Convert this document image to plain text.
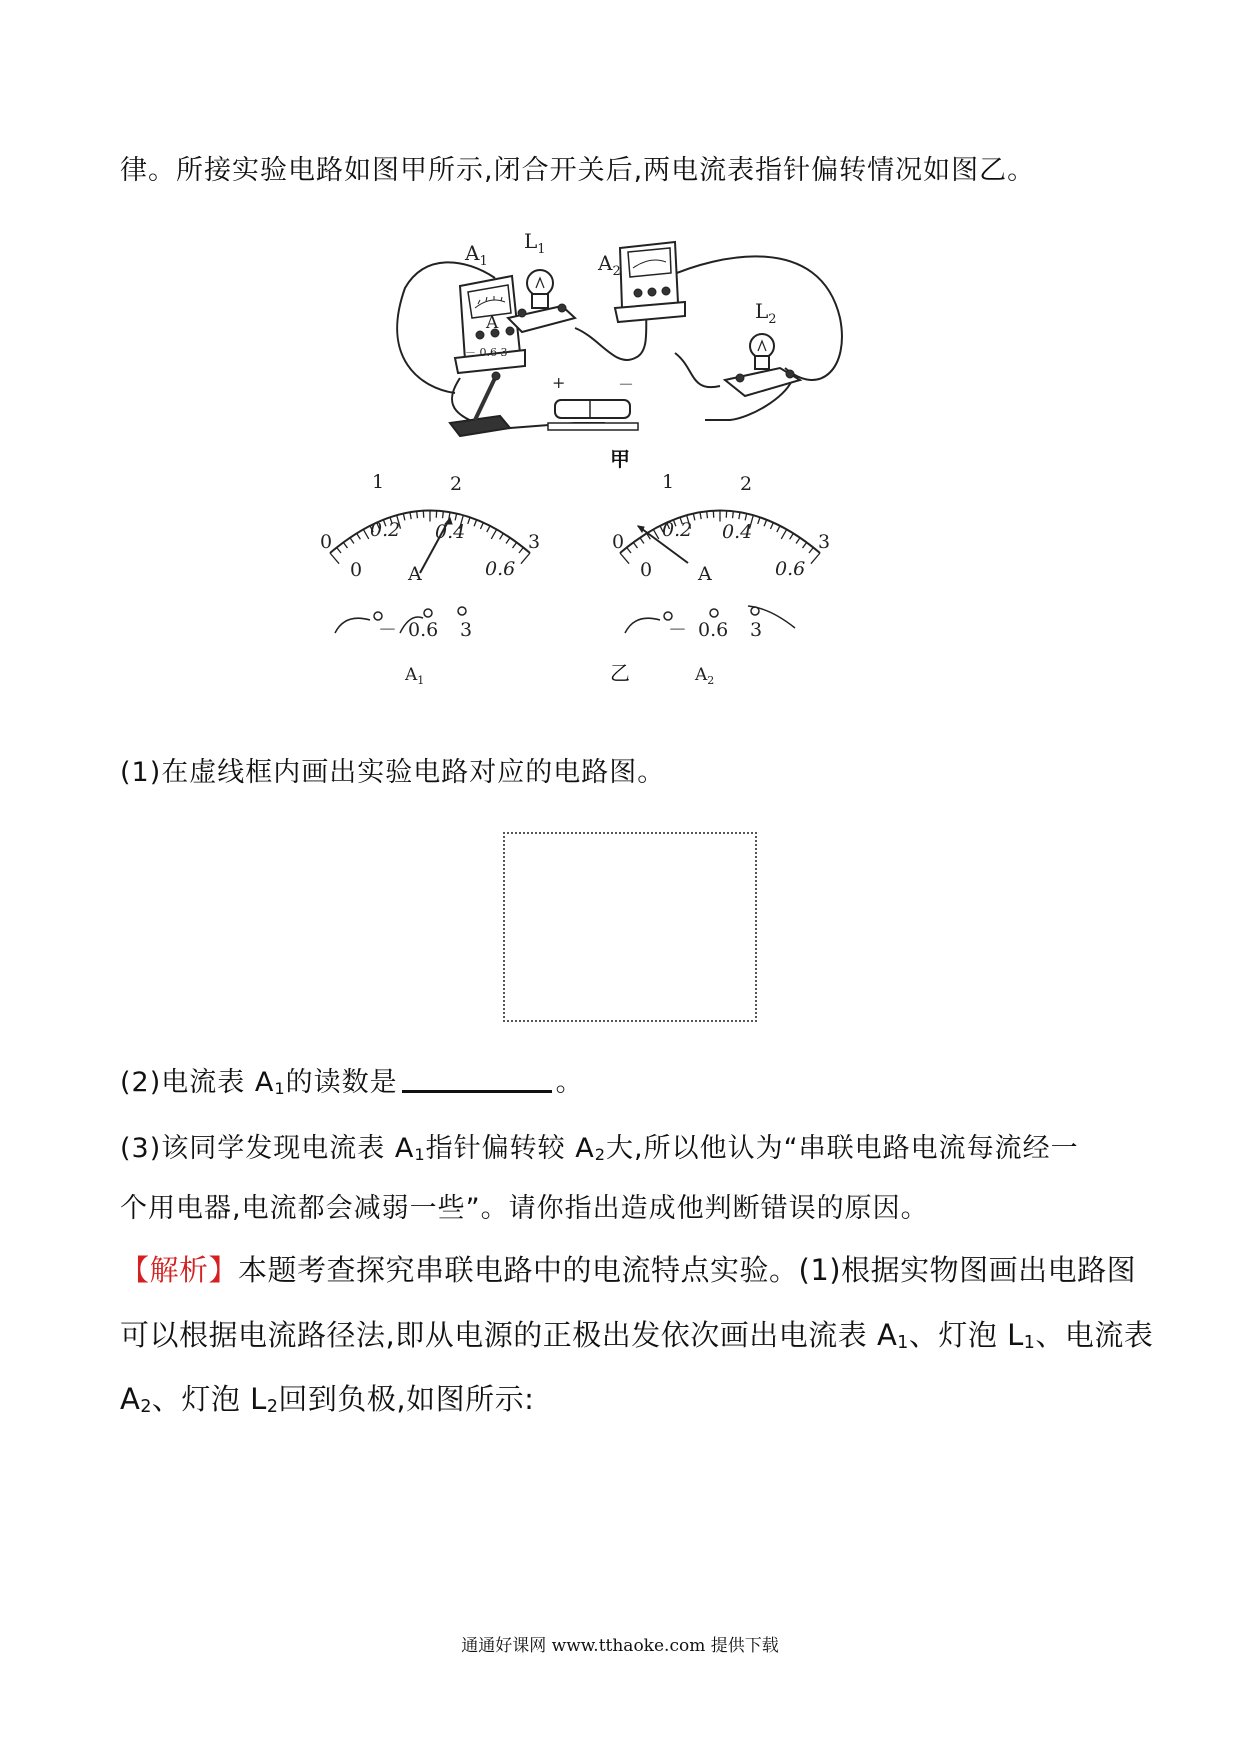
律。所接实验电路如图甲所示,闭合开关后,两电流表指针偏转情况如图乙。
$A_1$
A
－ 0.6 3
$L_1$
$A_2$
$L_2$
+	－
甲
0
1	2
3
0.2 0.4
0	0.6
A
－ 0.6 3
$A_1$
0
1	2
3
0.2 0.4
0	0.6
A
－ 0.6 3
$A_2$
乙
(1)在虚线框内画出实验电路对应的电路图。
(2)电流表 $A_1$的读数是	。
(3)该同学发现电流表 $A_1$指针偏转较 $A_2$大,所以他认为“串联电路电流每流经一
个用电器,电流都会减弱一些”。请你指出造成他判断错误的原因。
【解析】本题考查探究串联电路中的电流特点实验。(1)根据实物图画出电路图
可以根据电流路径法,即从电源的正极出发依次画出电流表 $A_1$、灯泡 $L_1$、电流表
$A_2$、灯泡 $L_2$回到负极,如图所示:
通通好课网 www.tthaoke.com 提供下载
